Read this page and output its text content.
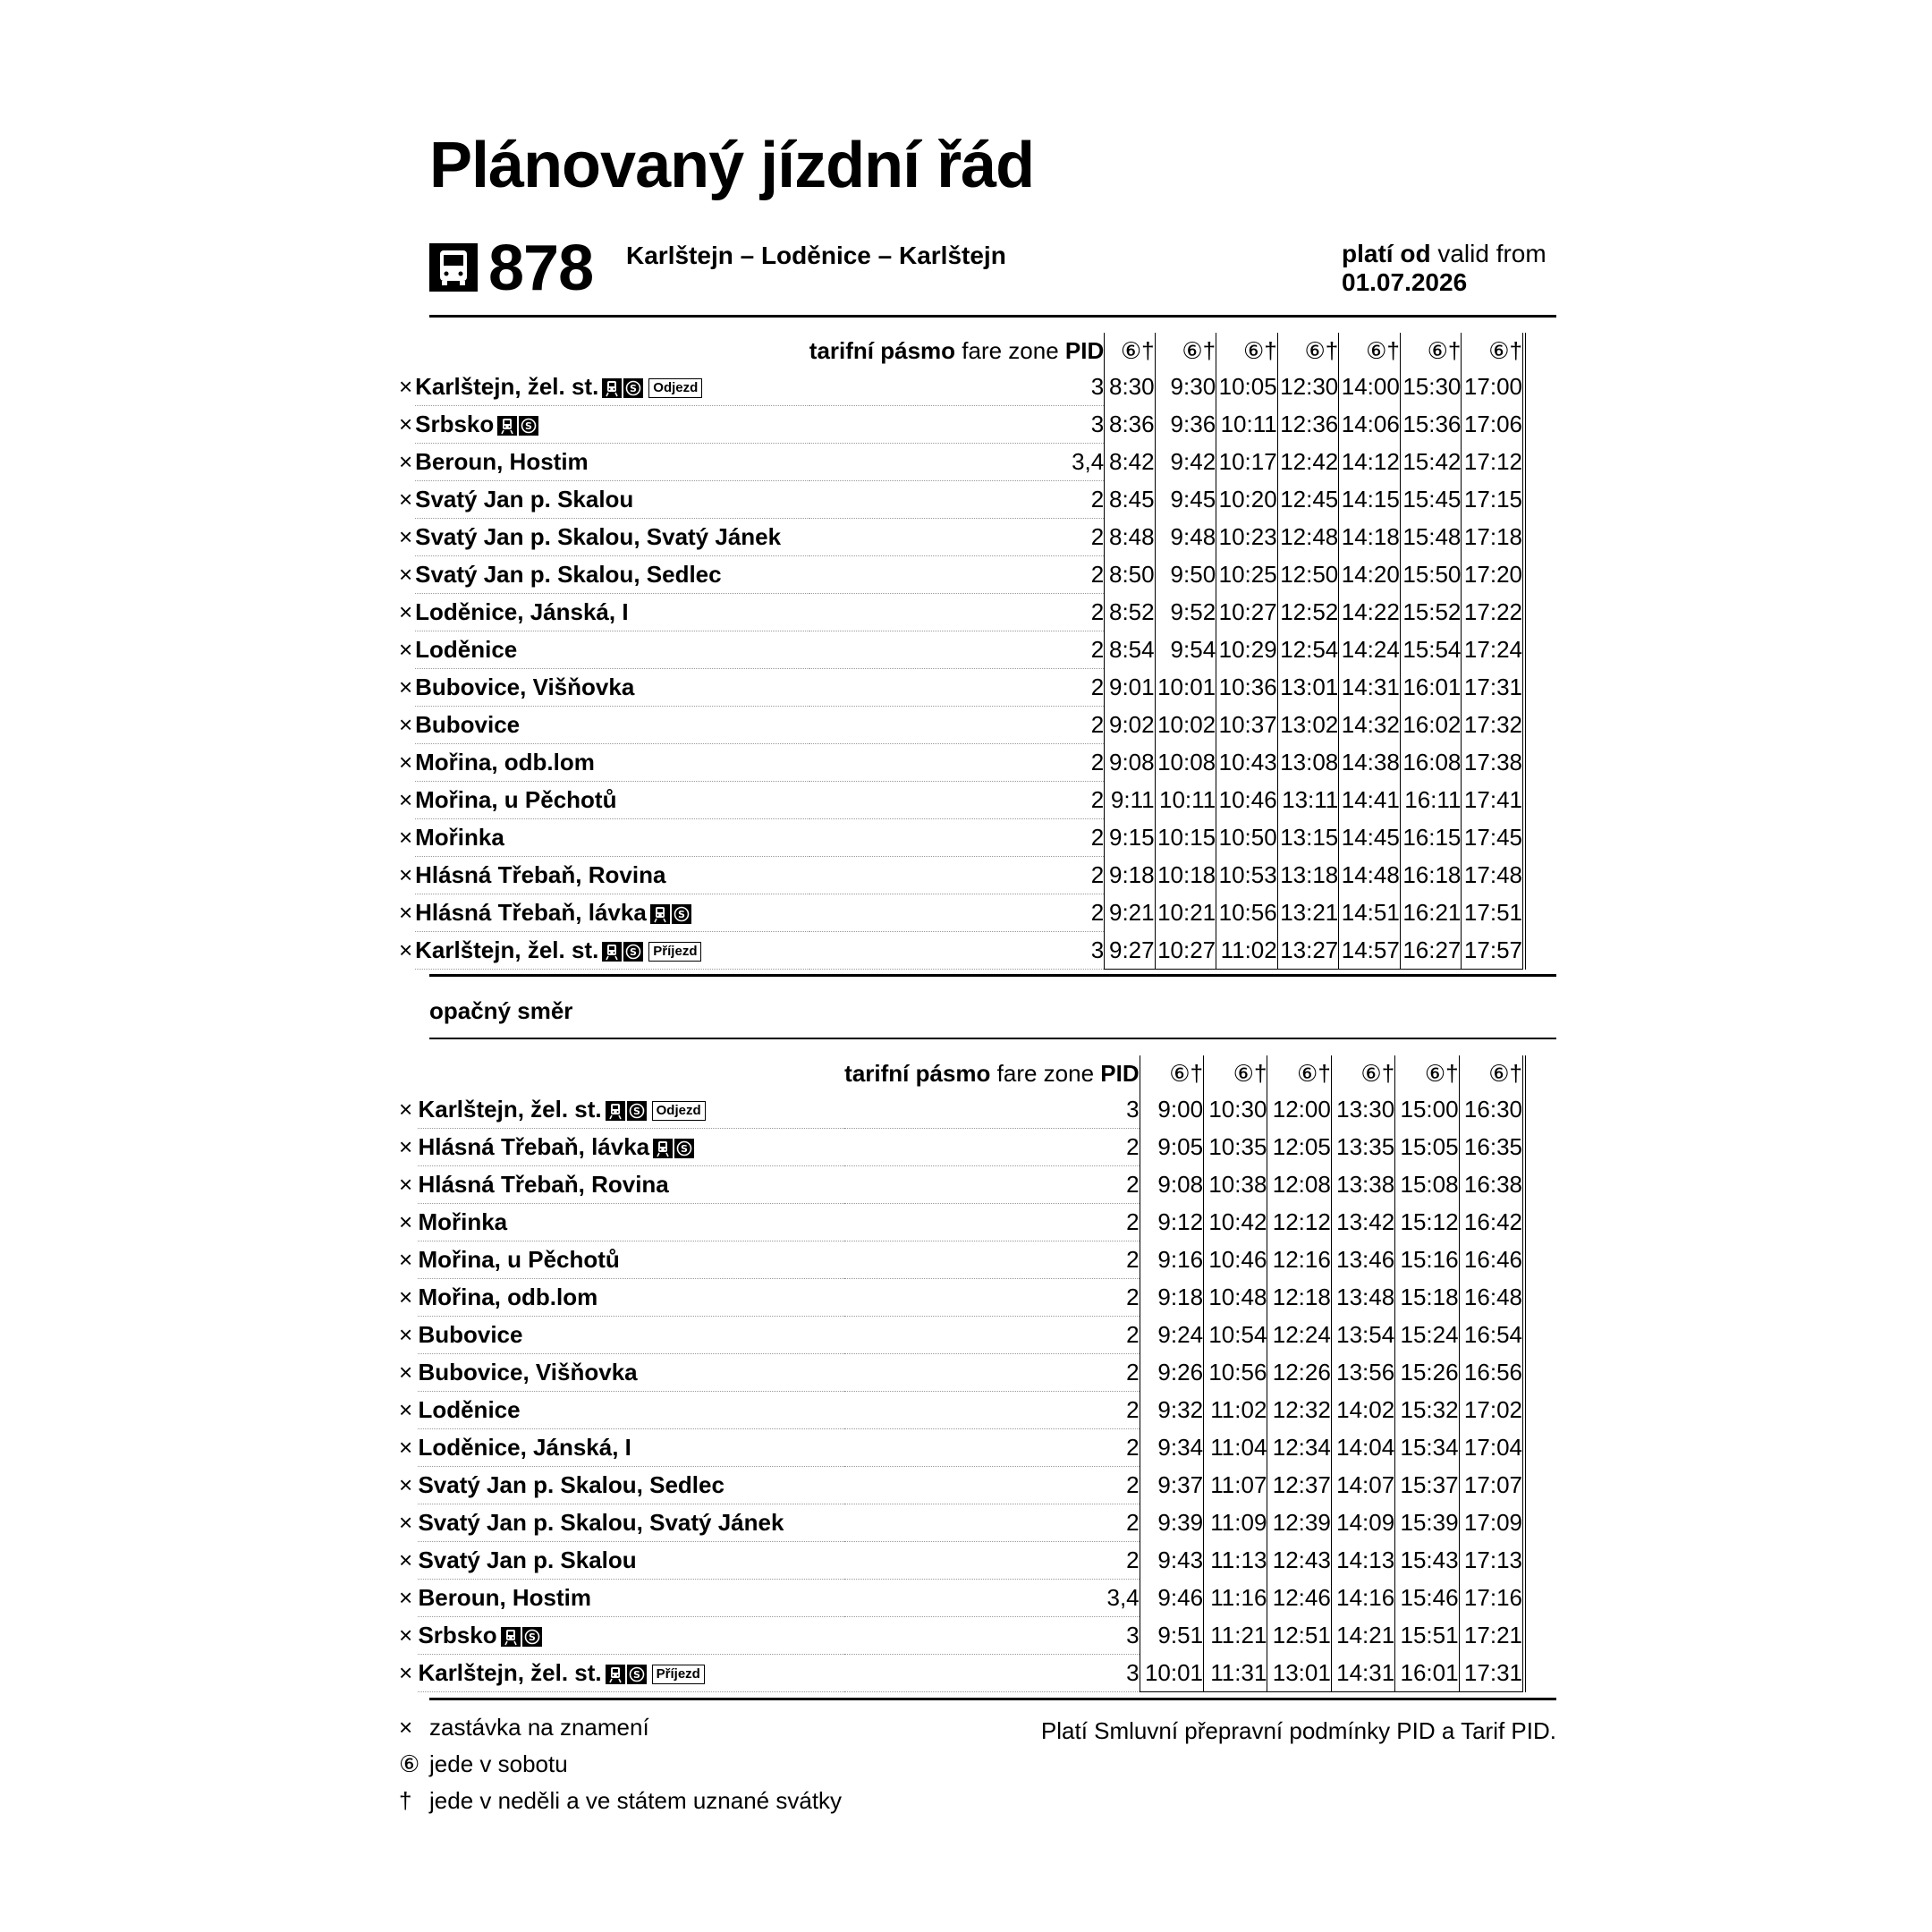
Plánovaný jízdní řád
878 Karlštejn – Loděnice – Karlštejn	platí od valid from
01.07.2026
		tarifní pásmo fare zone PID	⑥†	⑥†	⑥†	⑥†	⑥†	⑥†	⑥†
×	Karlštejn, žel. st. S Odjezd	3	8:30	9:30	10:05	12:30	14:00	15:30	17:00
×	Srbsko S	3	8:36	9:36	10:11	12:36	14:06	15:36	17:06
×	Beroun, Hostim	3,4	8:42	9:42	10:17	12:42	14:12	15:42	17:12
×	Svatý Jan p. Skalou	2	8:45	9:45	10:20	12:45	14:15	15:45	17:15
×	Svatý Jan p. Skalou, Svatý Jánek	2	8:48	9:48	10:23	12:48	14:18	15:48	17:18
×	Svatý Jan p. Skalou, Sedlec	2	8:50	9:50	10:25	12:50	14:20	15:50	17:20
×	Loděnice, Jánská, I	2	8:52	9:52	10:27	12:52	14:22	15:52	17:22
×	Loděnice	2	8:54	9:54	10:29	12:54	14:24	15:54	17:24
×	Bubovice, Višňovka	2	9:01	10:01	10:36	13:01	14:31	16:01	17:31
×	Bubovice	2	9:02	10:02	10:37	13:02	14:32	16:02	17:32
×	Mořina, odb.lom	2	9:08	10:08	10:43	13:08	14:38	16:08	17:38
×	Mořina, u Pěchotů	2	9:11	10:11	10:46	13:11	14:41	16:11	17:41
×	Mořinka	2	9:15	10:15	10:50	13:15	14:45	16:15	17:45
×	Hlásná Třebaň, Rovina	2	9:18	10:18	10:53	13:18	14:48	16:18	17:48
×	Hlásná Třebaň, lávka S	2	9:21	10:21	10:56	13:21	14:51	16:21	17:51
×	Karlštejn, žel. st. S Příjezd	3	9:27	10:27	11:02	13:27	14:57	16:27	17:57
opačný směr
		tarifní pásmo fare zone PID	⑥†	⑥†	⑥†	⑥†	⑥†	⑥†
×	Karlštejn, žel. st. S Odjezd	3	9:00	10:30	12:00	13:30	15:00	16:30
×	Hlásná Třebaň, lávka S	2	9:05	10:35	12:05	13:35	15:05	16:35
×	Hlásná Třebaň, Rovina	2	9:08	10:38	12:08	13:38	15:08	16:38
×	Mořinka	2	9:12	10:42	12:12	13:42	15:12	16:42
×	Mořina, u Pěchotů	2	9:16	10:46	12:16	13:46	15:16	16:46
×	Mořina, odb.lom	2	9:18	10:48	12:18	13:48	15:18	16:48
×	Bubovice	2	9:24	10:54	12:24	13:54	15:24	16:54
×	Bubovice, Višňovka	2	9:26	10:56	12:26	13:56	15:26	16:56
×	Loděnice	2	9:32	11:02	12:32	14:02	15:32	17:02
×	Loděnice, Jánská, I	2	9:34	11:04	12:34	14:04	15:34	17:04
×	Svatý Jan p. Skalou, Sedlec	2	9:37	11:07	12:37	14:07	15:37	17:07
×	Svatý Jan p. Skalou, Svatý Jánek	2	9:39	11:09	12:39	14:09	15:39	17:09
×	Svatý Jan p. Skalou	2	9:43	11:13	12:43	14:13	15:43	17:13
×	Beroun, Hostim	3,4	9:46	11:16	12:46	14:16	15:46	17:16
×	Srbsko S	3	9:51	11:21	12:51	14:21	15:51	17:21
×	Karlštejn, žel. st. S Příjezd	3	10:01	11:31	13:01	14:31	16:01	17:31
× zastávka na znamení
⑥ jede v sobotu
† jede v neděli a ve státem uznané svátky
Platí Smluvní přepravní podmínky PID a Tarif PID.
